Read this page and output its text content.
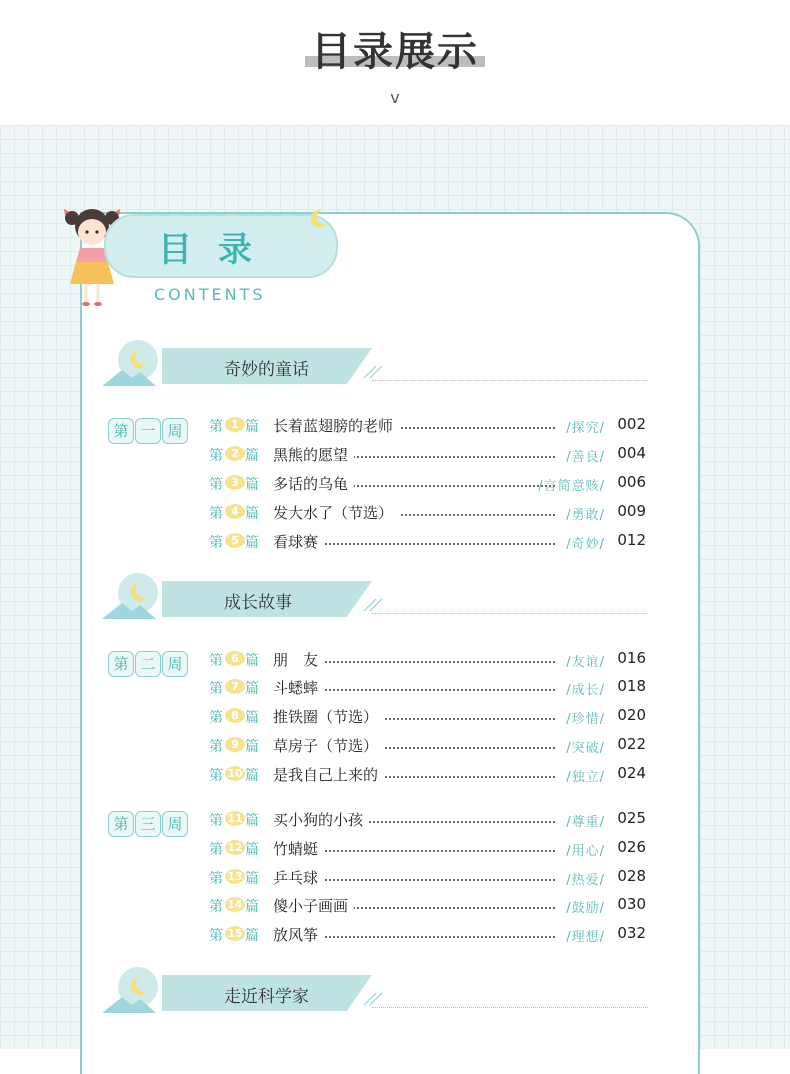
目录展示
v
目录
CONTENTS
奇妙的童话
成长故事
走近科学家
第 一 周
第 二 周
第 三 周
第 1 篇 长着蓝翅膀的老师	/探究/ 002
第 2 篇 黑熊的愿望	/善良/ 004
第 3 篇 多话的乌龟	/言简意赅/ 006
第 4 篇 发大水了（节选）	/勇敢/ 009
第 5 篇 看球赛	/奇妙/ 012
第 6 篇 朋　友	/友谊/ 016
第 7 篇 斗蟋蟀	/成长/ 018
第 8 篇 推铁圈（节选）	/珍惜/ 020
第 9 篇 草房子（节选）	/突破/ 022
第 10 篇 是我自己上来的	/独立/ 024
第 11 篇 买小狗的小孩	/尊重/ 025
第 12 篇 竹蜻蜓	/用心/ 026
第 13 篇 乒乓球	/热爱/ 028
第 14 篇 傻小子画画	/鼓励/ 030
第 15 篇 放风筝	/理想/ 032
